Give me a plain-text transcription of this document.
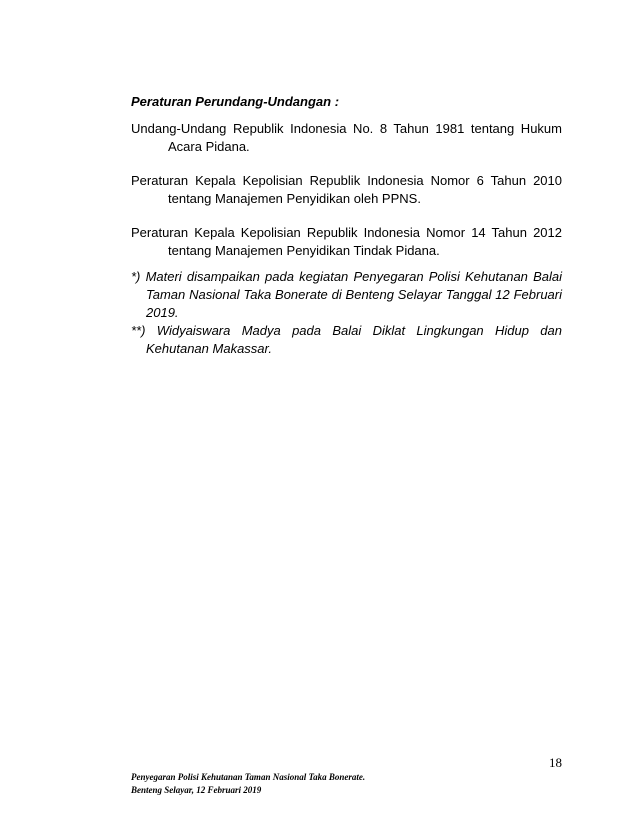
Peraturan Perundang-Undangan :

Undang-Undang Republik Indonesia No. 8 Tahun 1981 tentang Hukum Acara Pidana.
Peraturan Kepala Kepolisian Republik Indonesia Nomor 6 Tahun 2010 tentang Manajemen Penyidikan oleh PPNS.
Peraturan Kepala Kepolisian Republik Indonesia Nomor 14 Tahun 2012 tentang Manajemen Penyidikan Tindak Pidana.
*) Materi disampaikan pada kegiatan Penyegaran Polisi Kehutanan Balai Taman Nasional Taka Bonerate di Benteng Selayar Tanggal 12 Februari 2019.
**) Widyaiswara Madya pada Balai Diklat Lingkungan Hidup dan Kehutanan Makassar.
18
Penyegaran Polisi Kehutanan Taman Nasional Taka Bonerate.
Benteng Selayar, 12 Februari 2019
